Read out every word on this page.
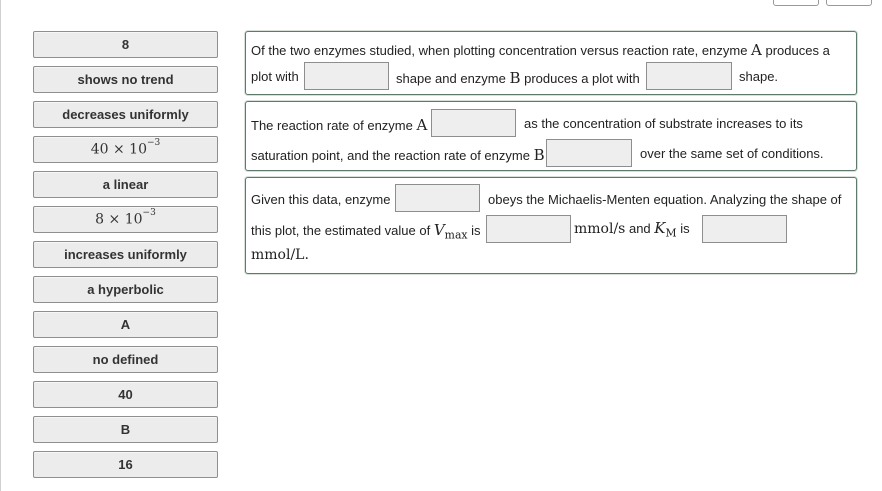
8
shows no trend
decreases uniformly
$40 \times 10^{-3}$
a linear
$8 \times 10^{-3}$
increases uniformly
a hyperbolic
A
no defined
40
B
16
Of the two enzymes studied, when plotting concentration versus reaction rate, enzyme A produces a
plot with	shape and enzyme B produces a plot with	shape.
The reaction rate of enzyme A	as the concentration of substrate increases to its
saturation point, and the reaction rate of enzyme B	over the same set of conditions.
Given this data, enzyme	obeys the Michaelis-Menten equation. Analyzing the shape of
this plot, the estimated value of $V_{max}$ is	mmol/s and $K_M$ is
mmol/L.
